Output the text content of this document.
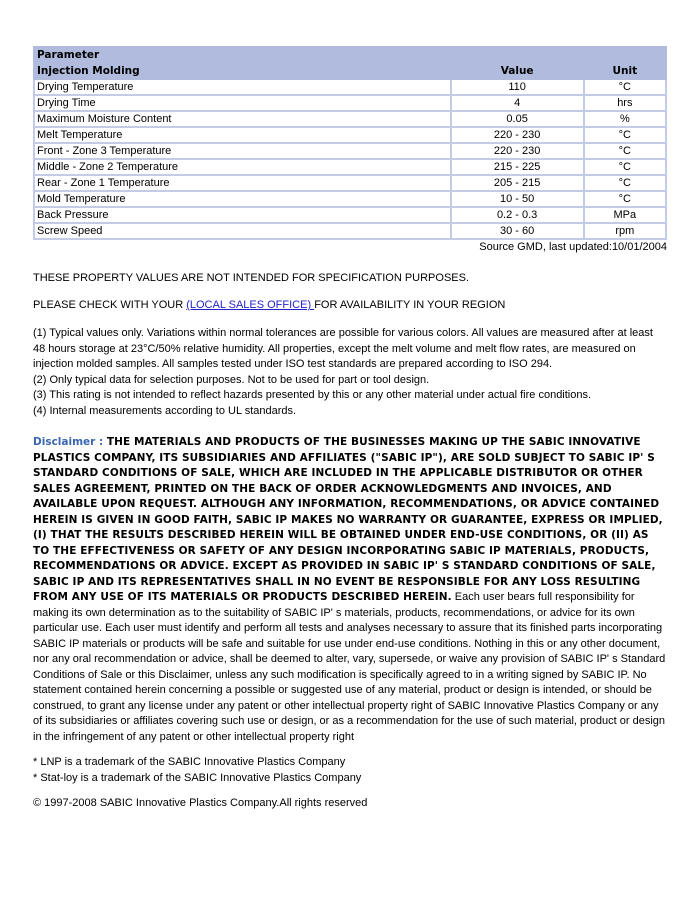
Parameter		
Injection Molding	Value	Unit
Drying Temperature	110	°C
Drying Time	4	hrs
Maximum Moisture Content	0.05	%
Melt Temperature	220 - 230	°C
Front - Zone 3 Temperature	220 - 230	°C
Middle - Zone 2 Temperature	215 - 225	°C
Rear - Zone 1 Temperature	205 - 215	°C
Mold Temperature	10 - 50	°C
Back Pressure	0.2 - 0.3	MPa
Screw Speed	30 - 60	rpm
Source GMD, last updated:10/01/2004
THESE PROPERTY VALUES ARE NOT INTENDED FOR SPECIFICATION PURPOSES.
PLEASE CHECK WITH YOUR (LOCAL SALES OFFICE) FOR AVAILABILITY IN YOUR REGION
(1) Typical values only. Variations within normal tolerances are possible for various colors. All values are measured after at least 48 hours storage at 23°C/50% relative humidity. All properties, except the melt volume and melt flow rates, are measured on injection molded samples. All samples tested under ISO test standards are prepared according to ISO 294.
(2) Only typical data for selection purposes. Not to be used for part or tool design.
(3) This rating is not intended to reflect hazards presented by this or any other material under actual fire conditions.
(4) Internal measurements according to UL standards.
Disclaimer : THE MATERIALS AND PRODUCTS OF THE BUSINESSES MAKING UP THE SABIC INNOVATIVE PLASTICS COMPANY, ITS SUBSIDIARIES AND AFFILIATES ("SABIC IP"), ARE SOLD SUBJECT TO SABIC IP' S STANDARD CONDITIONS OF SALE, WHICH ARE INCLUDED IN THE APPLICABLE DISTRIBUTOR OR OTHER SALES AGREEMENT, PRINTED ON THE BACK OF ORDER ACKNOWLEDGMENTS AND INVOICES, AND AVAILABLE UPON REQUEST. ALTHOUGH ANY INFORMATION, RECOMMENDATIONS, OR ADVICE CONTAINED HEREIN IS GIVEN IN GOOD FAITH, SABIC IP MAKES NO WARRANTY OR GUARANTEE, EXPRESS OR IMPLIED, (I) THAT THE RESULTS DESCRIBED HEREIN WILL BE OBTAINED UNDER END-USE CONDITIONS, OR (II) AS TO THE EFFECTIVENESS OR SAFETY OF ANY DESIGN INCORPORATING SABIC IP MATERIALS, PRODUCTS, RECOMMENDATIONS OR ADVICE. EXCEPT AS PROVIDED IN SABIC IP' S STANDARD CONDITIONS OF SALE, SABIC IP AND ITS REPRESENTATIVES SHALL IN NO EVENT BE RESPONSIBLE FOR ANY LOSS RESULTING FROM ANY USE OF ITS MATERIALS OR PRODUCTS DESCRIBED HEREIN. Each user bears full responsibility for making its own determination as to the suitability of SABIC IP' s materials, products, recommendations, or advice for its own particular use. Each user must identify and perform all tests and analyses necessary to assure that its finished parts incorporating SABIC IP materials or products will be safe and suitable for use under end-use conditions. Nothing in this or any other document, nor any oral recommendation or advice, shall be deemed to alter, vary, supersede, or waive any provision of SABIC IP' s Standard Conditions of Sale or this Disclaimer, unless any such modification is specifically agreed to in a writing signed by SABIC IP. No statement contained herein concerning a possible or suggested use of any material, product or design is intended, or should be construed, to grant any license under any patent or other intellectual property right of SABIC Innovative Plastics Company or any of its subsidiaries or affiliates covering such use or design, or as a recommendation for the use of such material, product or design in the infringement of any patent or other intellectual property right
* LNP is a trademark of the SABIC Innovative Plastics Company
* Stat-loy is a trademark of the SABIC Innovative Plastics Company
© 1997-2008 SABIC Innovative Plastics Company.All rights reserved
